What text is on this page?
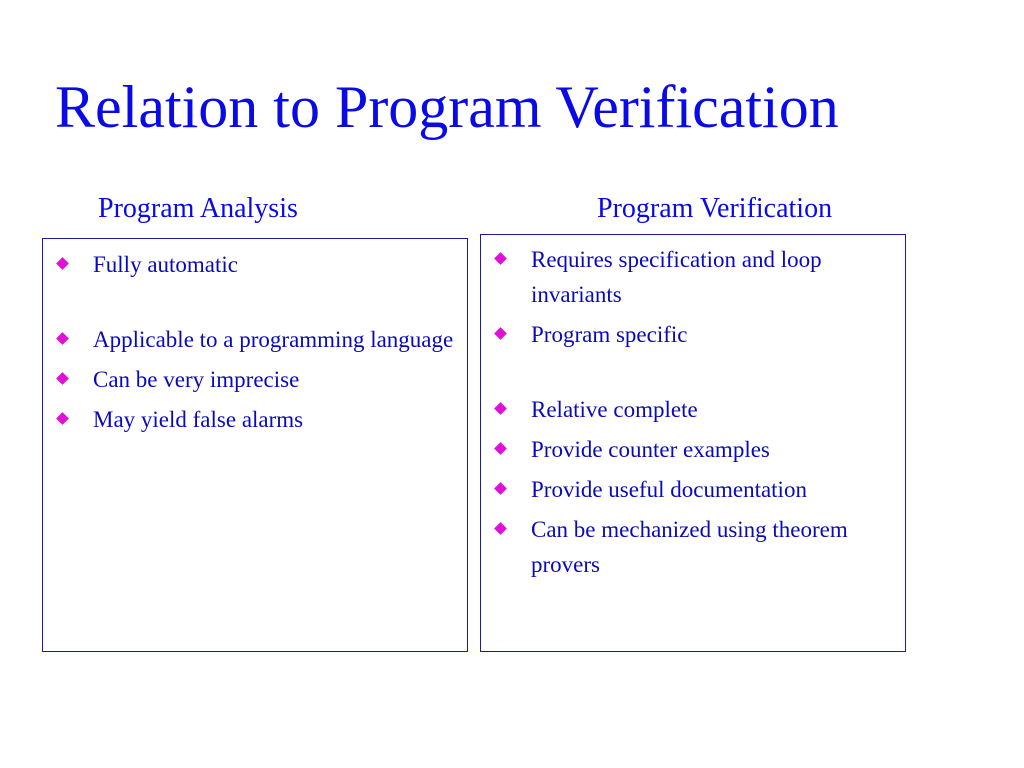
Relation to Program Verification
Program Analysis	Program Verification
Fully automatic
Applicable to a programming language
Can be very imprecise
May yield false alarms
Requires specification and loop invariants
Program specific
Relative complete
Provide counter examples
Provide useful documentation
Can be mechanized using theorem provers
